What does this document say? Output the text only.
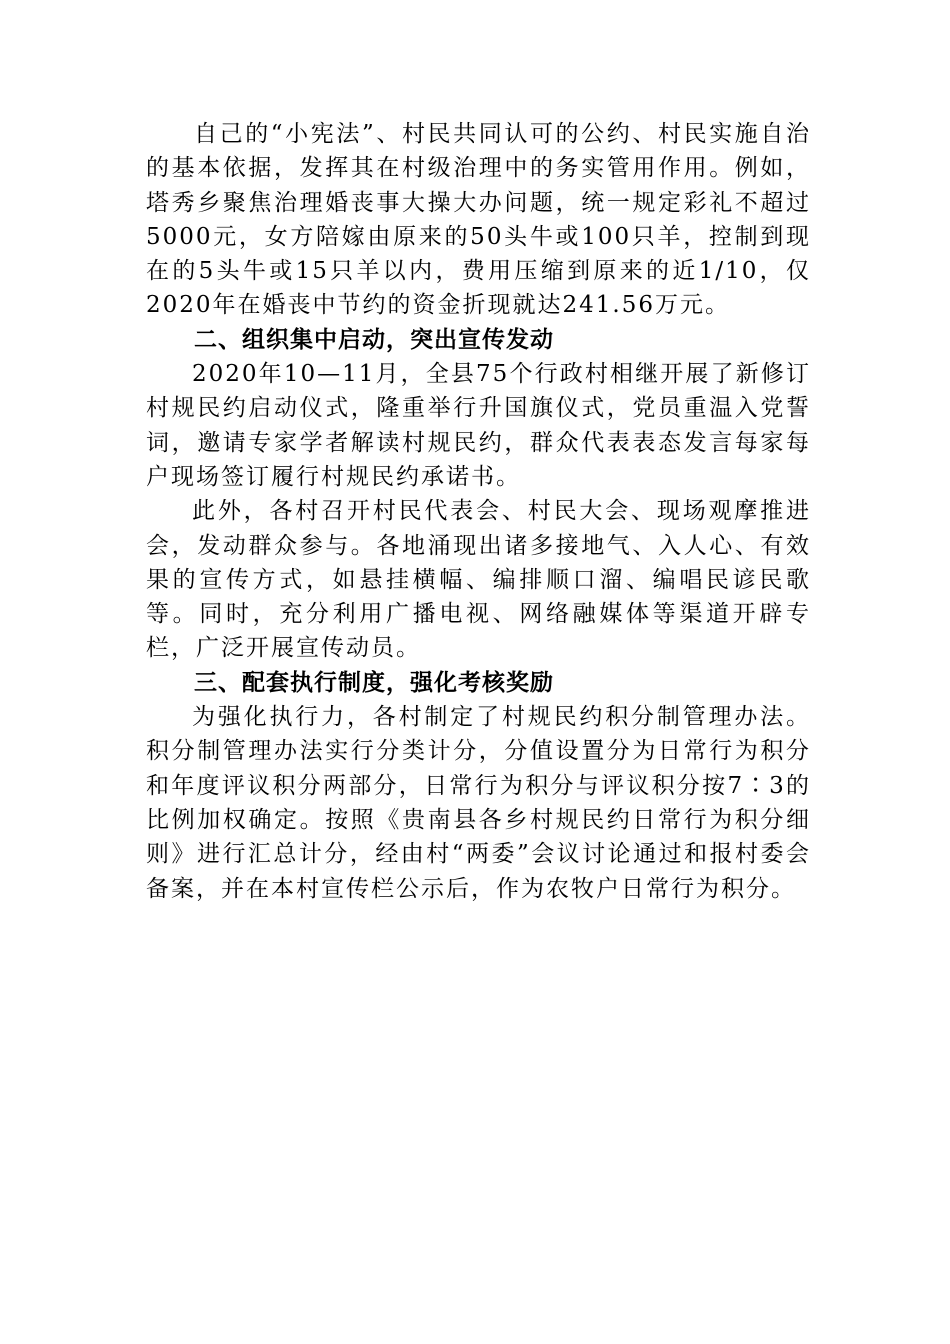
自己的“小宪法”、村民共同认可的公约、村民实施自治的基本依据，发挥其在村级治理中的务实管用作用。例如，塔秀乡聚焦治理婚丧事大操大办问题，统一规定彩礼不超过5000元，女方陪嫁由原来的50头牛或100只羊，控制到现在的5头牛或15只羊以内，费用压缩到原来的近1/10，仅2020年在婚丧中节约的资金折现就达241.56万元。

二、组织集中启动，突出宣传发动

2020年10—11月，全县75个行政村相继开展了新修订村规民约启动仪式，隆重举行升国旗仪式，党员重温入党誓词，邀请专家学者解读村规民约，群众代表表态发言每家每户现场签订履行村规民约承诺书。

此外，各村召开村民代表会、村民大会、现场观摩推进会，发动群众参与。各地涌现出诸多接地气、入人心、有效果的宣传方式，如悬挂横幅、编排顺口溜、编唱民谚民歌等。同时，充分利用广播电视、网络融媒体等渠道开辟专栏，广泛开展宣传动员。

三、配套执行制度，强化考核奖励

为强化执行力，各村制定了村规民约积分制管理办法。积分制管理办法实行分类计分，分值设置分为日常行为积分和年度评议积分两部分，日常行为积分与评议积分按7∶3的比例加权确定。按照《贵南县各乡村规民约日常行为积分细则》进行汇总计分，经由村“两委”会议讨论通过和报村委会备案，并在本村宣传栏公示后，作为农牧户日常行为积分。
